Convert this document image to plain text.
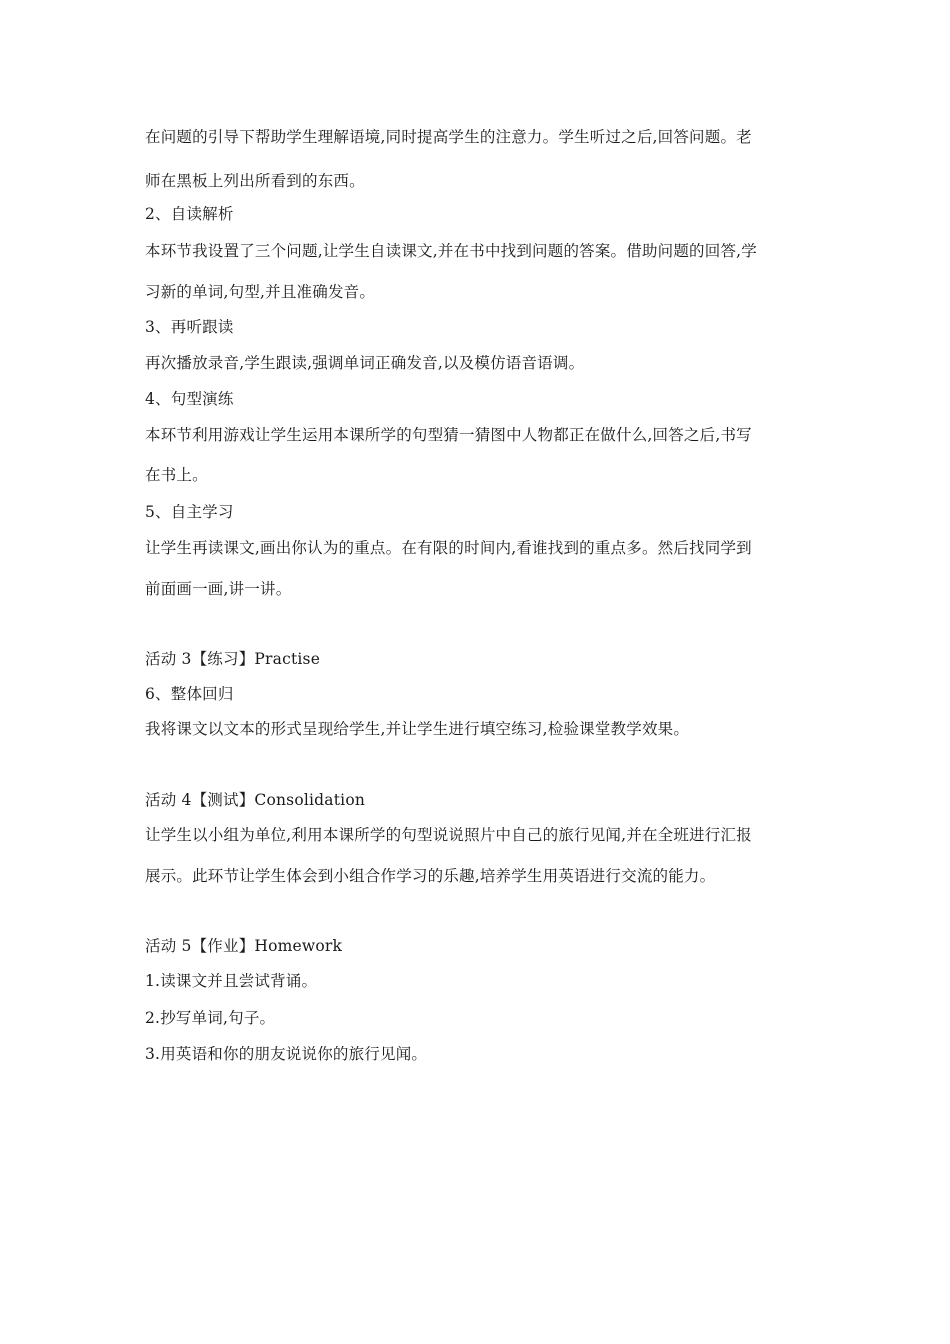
在问题的引导下帮助学生理解语境,同时提高学生的注意力。学生听过之后,回答问题。老
师在黑板上列出所看到的东西。
2、自读解析
本环节我设置了三个问题,让学生自读课文,并在书中找到问题的答案。借助问题的回答,学
习新的单词,句型,并且准确发音。
3、再听跟读
再次播放录音,学生跟读,强调单词正确发音,以及模仿语音语调。
4、句型演练
本环节利用游戏让学生运用本课所学的句型猜一猜图中人物都正在做什么,回答之后,书写
在书上。
5、自主学习
让学生再读课文,画出你认为的重点。在有限的时间内,看谁找到的重点多。然后找同学到
前面画一画,讲一讲。
活动 3【练习】Practise
6、整体回归
我将课文以文本的形式呈现给学生,并让学生进行填空练习,检验课堂教学效果。
活动 4【测试】Consolidation
让学生以小组为单位,利用本课所学的句型说说照片中自己的旅行见闻,并在全班进行汇报
展示。此环节让学生体会到小组合作学习的乐趣,培养学生用英语进行交流的能力。
活动 5【作业】Homework
1.读课文并且尝试背诵。
2.抄写单词,句子。
3.用英语和你的朋友说说你的旅行见闻。
